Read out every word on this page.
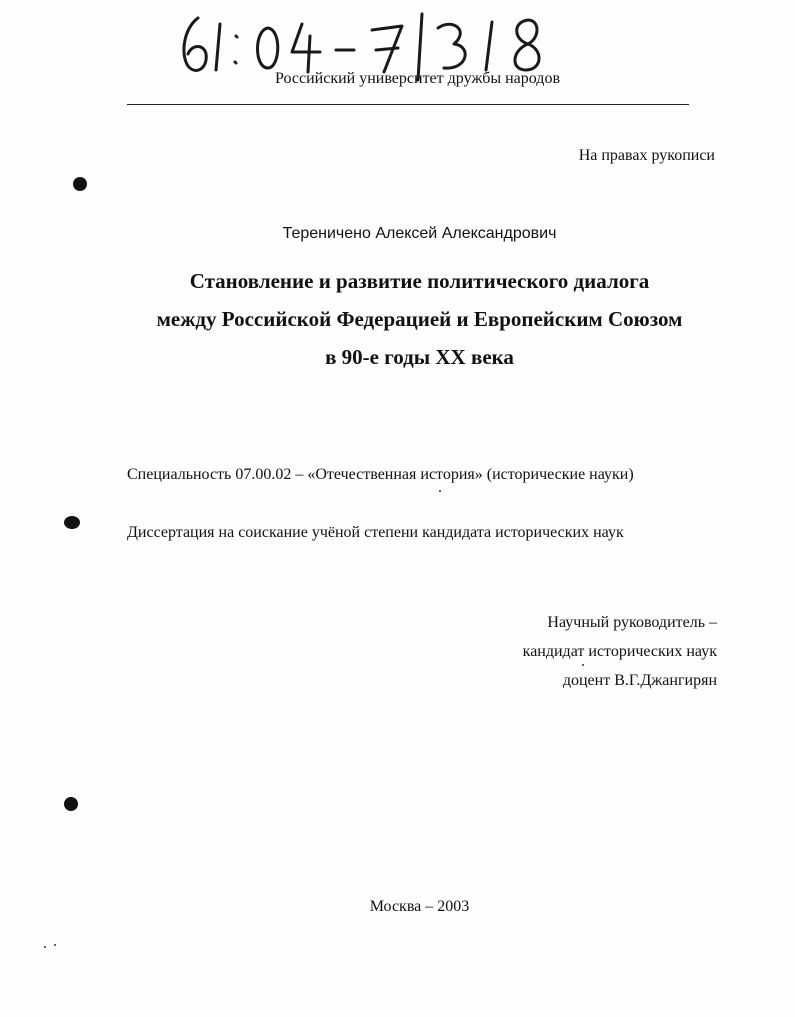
Российский университет дружбы народов
На правах рукописи
Тереничено Алексей Александрович
Становление и развитие политического диалога
между Российской Федерацией и Европейским Союзом
в 90-е годы XX века
Специальность 07.00.02 – «Отечественная история» (исторические науки)
Диссертация на соискание учёной степени кандидата исторических наук
Научный руководитель –
кандидат исторических наук
доцент В.Г.Джангирян
Москва – 2003
